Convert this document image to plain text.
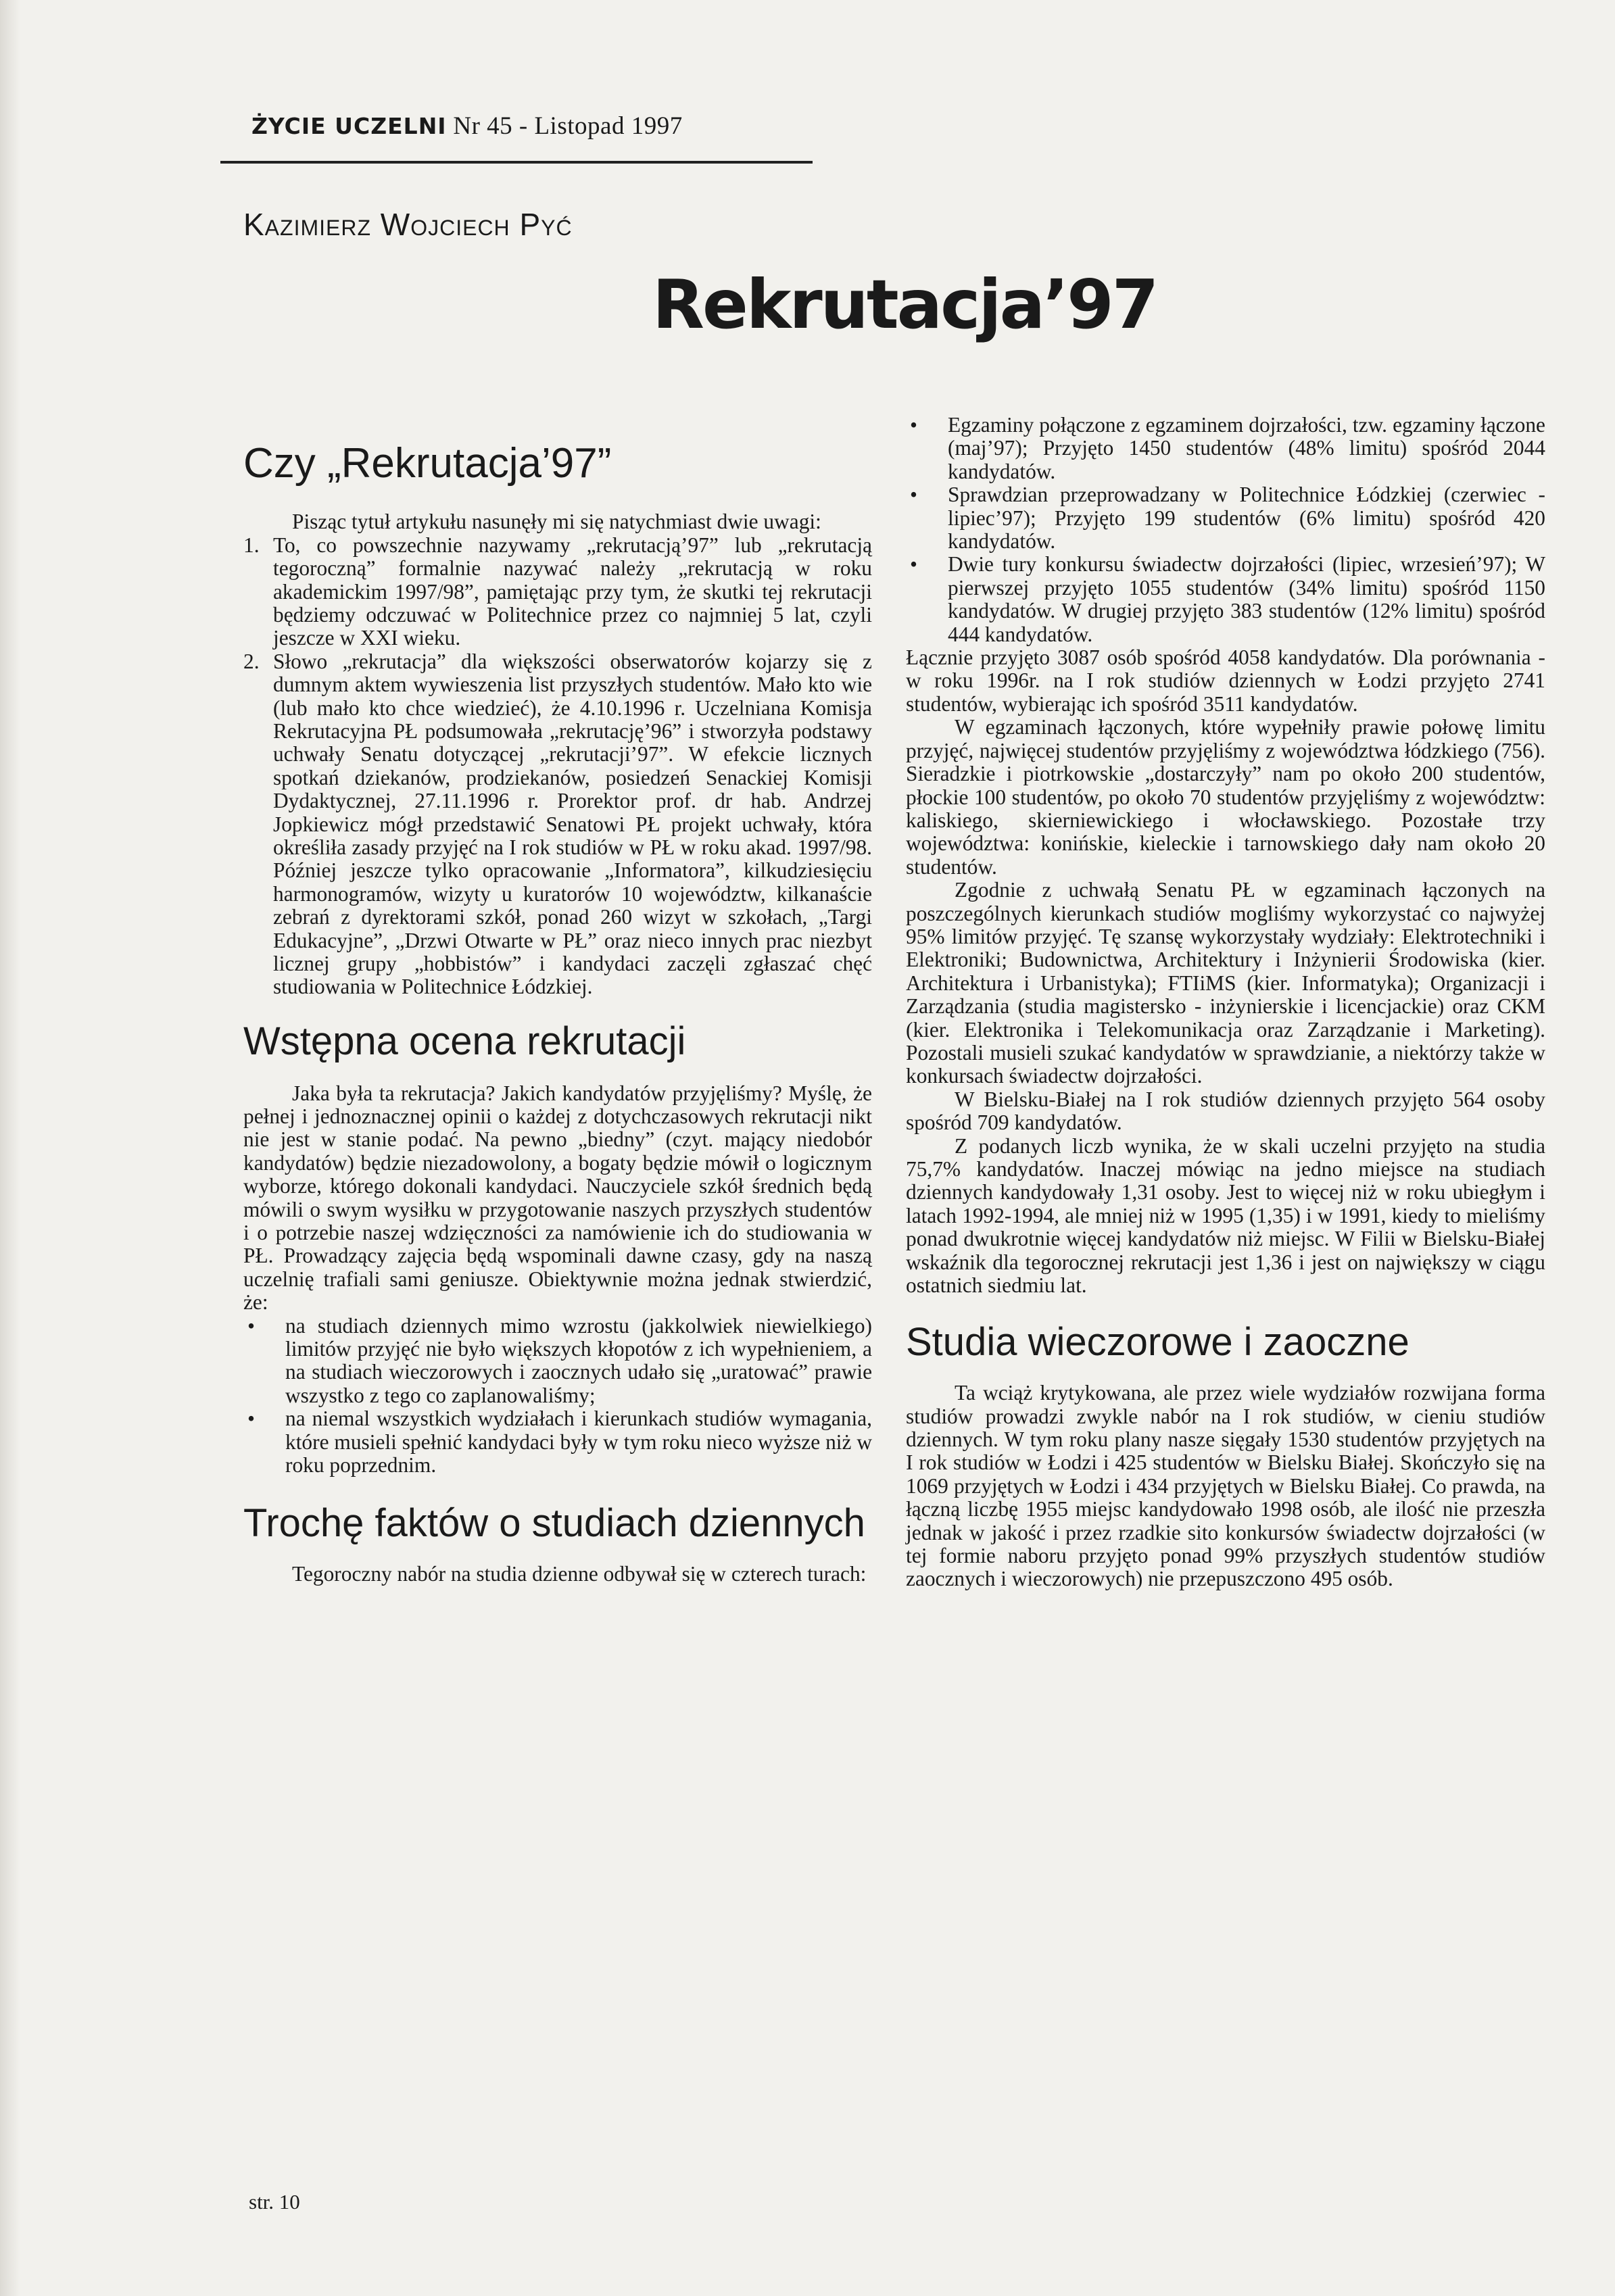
ŻYCIE UCZELNI Nr 45 - Listopad 1997
Kazimierz Wojciech Pyć
Rekrutacja’97
Czy „Rekrutacja’97”

Pisząc tytuł artykułu nasunęły mi się natychmiast dwie uwagi:

1. To, co powszechnie nazywamy „rekrutacją’97” lub „rekrutacją tegoroczną” formalnie nazywać należy „rekrutacją w roku akademickim 1997/98”, pamiętając przy tym, że skutki tej rekrutacji będziemy odczuwać w Politechnice przez co najmniej 5 lat, czyli jeszcze w XXI wieku.
2. Słowo „rekrutacja” dla większości obserwatorów kojarzy się z dumnym aktem wywieszenia list przyszłych studentów. Mało kto wie (lub mało kto chce wiedzieć), że 4.10.1996 r. Uczelniana Komisja Rekrutacyjna PŁ podsumowała „rekrutację’96” i stworzyła podstawy uchwały Senatu dotyczącej „rekrutacji’97”. W efekcie licznych spotkań dziekanów, prodziekanów, posiedzeń Senackiej Komisji Dydaktycznej, 27.11.1996 r. Prorektor prof. dr hab. Andrzej Jopkiewicz mógł przedstawić Senatowi PŁ projekt uchwały, która określiła zasady przyjęć na I rok studiów w PŁ w roku akad. 1997/98. Później jeszcze tylko opracowanie „Informatora”, kilkudziesięciu harmonogramów, wizyty u kuratorów 10 województw, kilkanaście zebrań z dyrektorami szkół, ponad 260 wizyt w szkołach, „Targi Edukacyjne”, „Drzwi Otwarte w PŁ” oraz nieco innych prac niezbyt licznej grupy „hobbistów” i kandydaci zaczęli zgłaszać chęć studiowania w Politechnice Łódzkiej.
Wstępna ocena rekrutacji

Jaka była ta rekrutacja? Jakich kandydatów przyjęliśmy? Myślę, że pełnej i jednoznacznej opinii o każdej z dotychczasowych rekrutacji nikt nie jest w stanie podać. Na pewno „biedny” (czyt. mający niedobór kandydatów) będzie niezadowolony, a bogaty będzie mówił o logicznym wyborze, którego dokonali kandydaci. Nauczyciele szkół średnich będą mówili o swym wysiłku w przygotowanie naszych przyszłych studentów i o potrzebie naszej wdzięczności za namówienie ich do studiowania w PŁ. Prowadzący zajęcia będą wspominali dawne czasy, gdy na naszą uczelnię trafiali sami geniusze. Obiektywnie można jednak stwierdzić, że:

• na studiach dziennych mimo wzrostu (jakkolwiek niewielkiego) limitów przyjęć nie było większych kłopotów z ich wypełnieniem, a na studiach wieczorowych i zaocznych udało się „uratować” prawie wszystko z tego co zaplanowaliśmy;
• na niemal wszystkich wydziałach i kierunkach studiów wymagania, które musieli spełnić kandydaci były w tym roku nieco wyższe niż w roku poprzednim.
Trochę faktów o studiach dziennych

Tegoroczny nabór na studia dzienne odbywał się w czterech turach:

• Egzaminy połączone z egzaminem dojrzałości, tzw. egzaminy łączone (maj’97); Przyjęto 1450 studentów (48% limitu) spośród 2044 kandydatów.
• Sprawdzian przeprowadzany w Politechnice Łódzkiej (czerwiec - lipiec’97); Przyjęto 199 studentów (6% limitu) spośród 420 kandydatów.
• Dwie tury konkursu świadectw dojrzałości (lipiec, wrzesień’97); W pierwszej przyjęto 1055 studentów (34% limitu) spośród 1150 kandydatów. W drugiej przyjęto 383 studentów (12% limitu) spośród 444 kandydatów.

Łącznie przyjęto 3087 osób spośród 4058 kandydatów. Dla porównania - w roku 1996r. na I rok studiów dziennych w Łodzi przyjęto 2741 studentów, wybierając ich spośród 3511 kandydatów.

W egzaminach łączonych, które wypełniły prawie połowę limitu przyjęć, najwięcej studentów przyjęliśmy z województwa łódzkiego (756). Sieradzkie i piotrkowskie „dostarczyły” nam po około 200 studentów, płockie 100 studentów, po około 70 studentów przyjęliśmy z województw: kaliskiego, skierniewickiego i włocławskiego. Pozostałe trzy województwa: konińskie, kieleckie i tarnowskiego dały nam około 20 studentów.

Zgodnie z uchwałą Senatu PŁ w egzaminach łączonych na poszczególnych kierunkach studiów mogliśmy wykorzystać co najwyżej 95% limitów przyjęć. Tę szansę wykorzystały wydziały: Elektrotechniki i Elektroniki; Budownictwa, Architektury i Inżynierii Środowiska (kier. Architektura i Urbanistyka); FTIiMS (kier. Informatyka); Organizacji i Zarządzania (studia magistersko - inżynierskie i licencjackie) oraz CKM (kier. Elektronika i Telekomunikacja oraz Zarządzanie i Marketing). Pozostali musieli szukać kandydatów w sprawdzianie, a niektórzy także w konkursach świadectw dojrzałości.

W Bielsku-Białej na I rok studiów dziennych przyjęto 564 osoby spośród 709 kandydatów.

Z podanych liczb wynika, że w skali uczelni przyjęto na studia 75,7% kandydatów. Inaczej mówiąc na jedno miejsce na studiach dziennych kandydowały 1,31 osoby. Jest to więcej niż w roku ubiegłym i latach 1992-1994, ale mniej niż w 1995 (1,35) i w 1991, kiedy to mieliśmy ponad dwukrotnie więcej kandydatów niż miejsc. W Filii w Bielsku-Białej wskaźnik dla tegorocznej rekrutacji jest 1,36 i jest on największy w ciągu ostatnich siedmiu lat.

Studia wieczorowe i zaoczne

Ta wciąż krytykowana, ale przez wiele wydziałów rozwijana forma studiów prowadzi zwykle nabór na I rok studiów, w cieniu studiów dziennych. W tym roku plany nasze sięgały 1530 studentów przyjętych na I rok studiów w Łodzi i 425 studentów w Bielsku Białej. Skończyło się na 1069 przyjętych w Łodzi i 434 przyjętych w Bielsku Białej. Co prawda, na łączną liczbę 1955 miejsc kandydowało 1998 osób, ale ilość nie przeszła jednak w jakość i przez rzadkie sito konkursów świadectw dojrzałości (w tej formie naboru przyjęto ponad 99% przyszłych studentów studiów zaocznych i wieczorowych) nie przepuszczono 495 osób.

str. 10
